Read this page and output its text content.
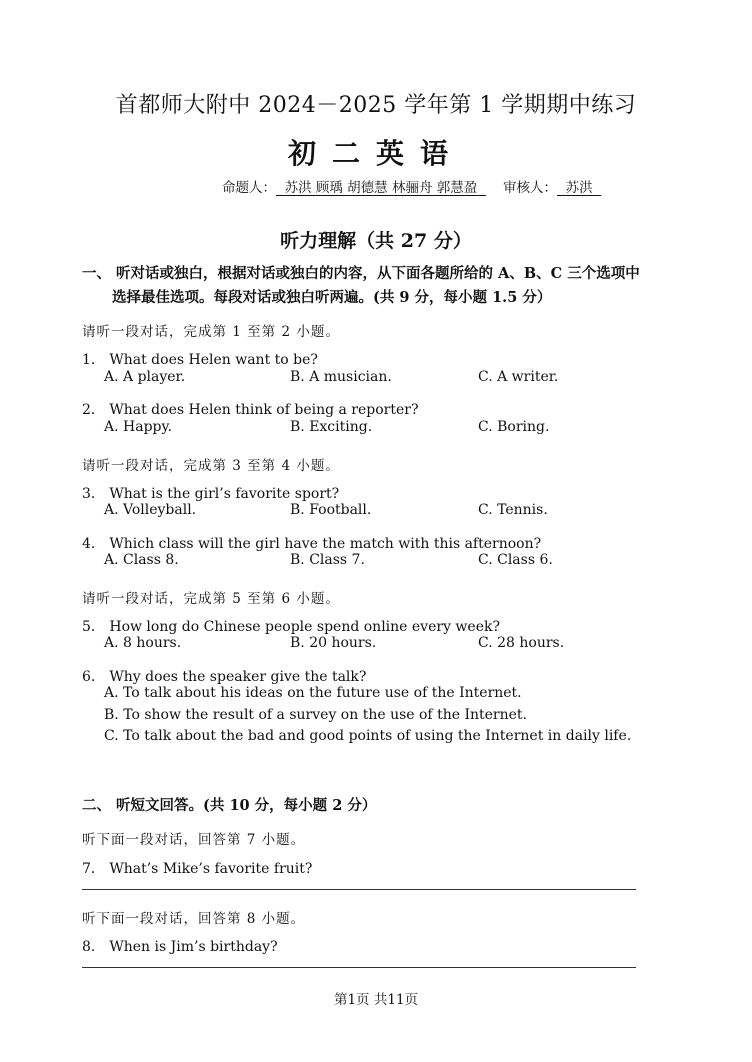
首都师大附中 2024－2025 学年第 1 学期期中练习
初二英语
命题人： 苏洪 顾瑀 胡德慧 林骊舟 郭慧盈 审核人： 苏洪
听力理解（共 27 分）
一、 听对话或独白，根据对话或独白的内容，从下面各题所给的 A、B、C 三个选项中
选择最佳选项。每段对话或独白听两遍。(共 9 分，每小题 1.5 分）
请听一段对话，完成第 1 至第 2 小题。
1． What does Helen want to be?
A. A player.	B. A musician.	C. A writer.
2． What does Helen think of being a reporter?
A. Happy.	B. Exciting.	C. Boring.
请听一段对话，完成第 3 至第 4 小题。
3． What is the girl’s favorite sport?
A. Volleyball.	B. Football.	C. Tennis.
4． Which class will the girl have the match with this afternoon?
A. Class 8.	B. Class 7.	C. Class 6.
请听一段对话，完成第 5 至第 6 小题。
5． How long do Chinese people spend online every week?
A. 8 hours.	B. 20 hours.	C. 28 hours.
6． Why does the speaker give the talk?
A. To talk about his ideas on the future use of the Internet.
B. To show the result of a survey on the use of the Internet.
C. To talk about the bad and good points of using the Internet in daily life.
二、 听短文回答。(共 10 分，每小题 2 分）
听下面一段对话，回答第 7 小题。
7． What’s Mike’s favorite fruit?
听下面一段对话，回答第 8 小题。
8． When is Jim’s birthday?
第1页 共11页
